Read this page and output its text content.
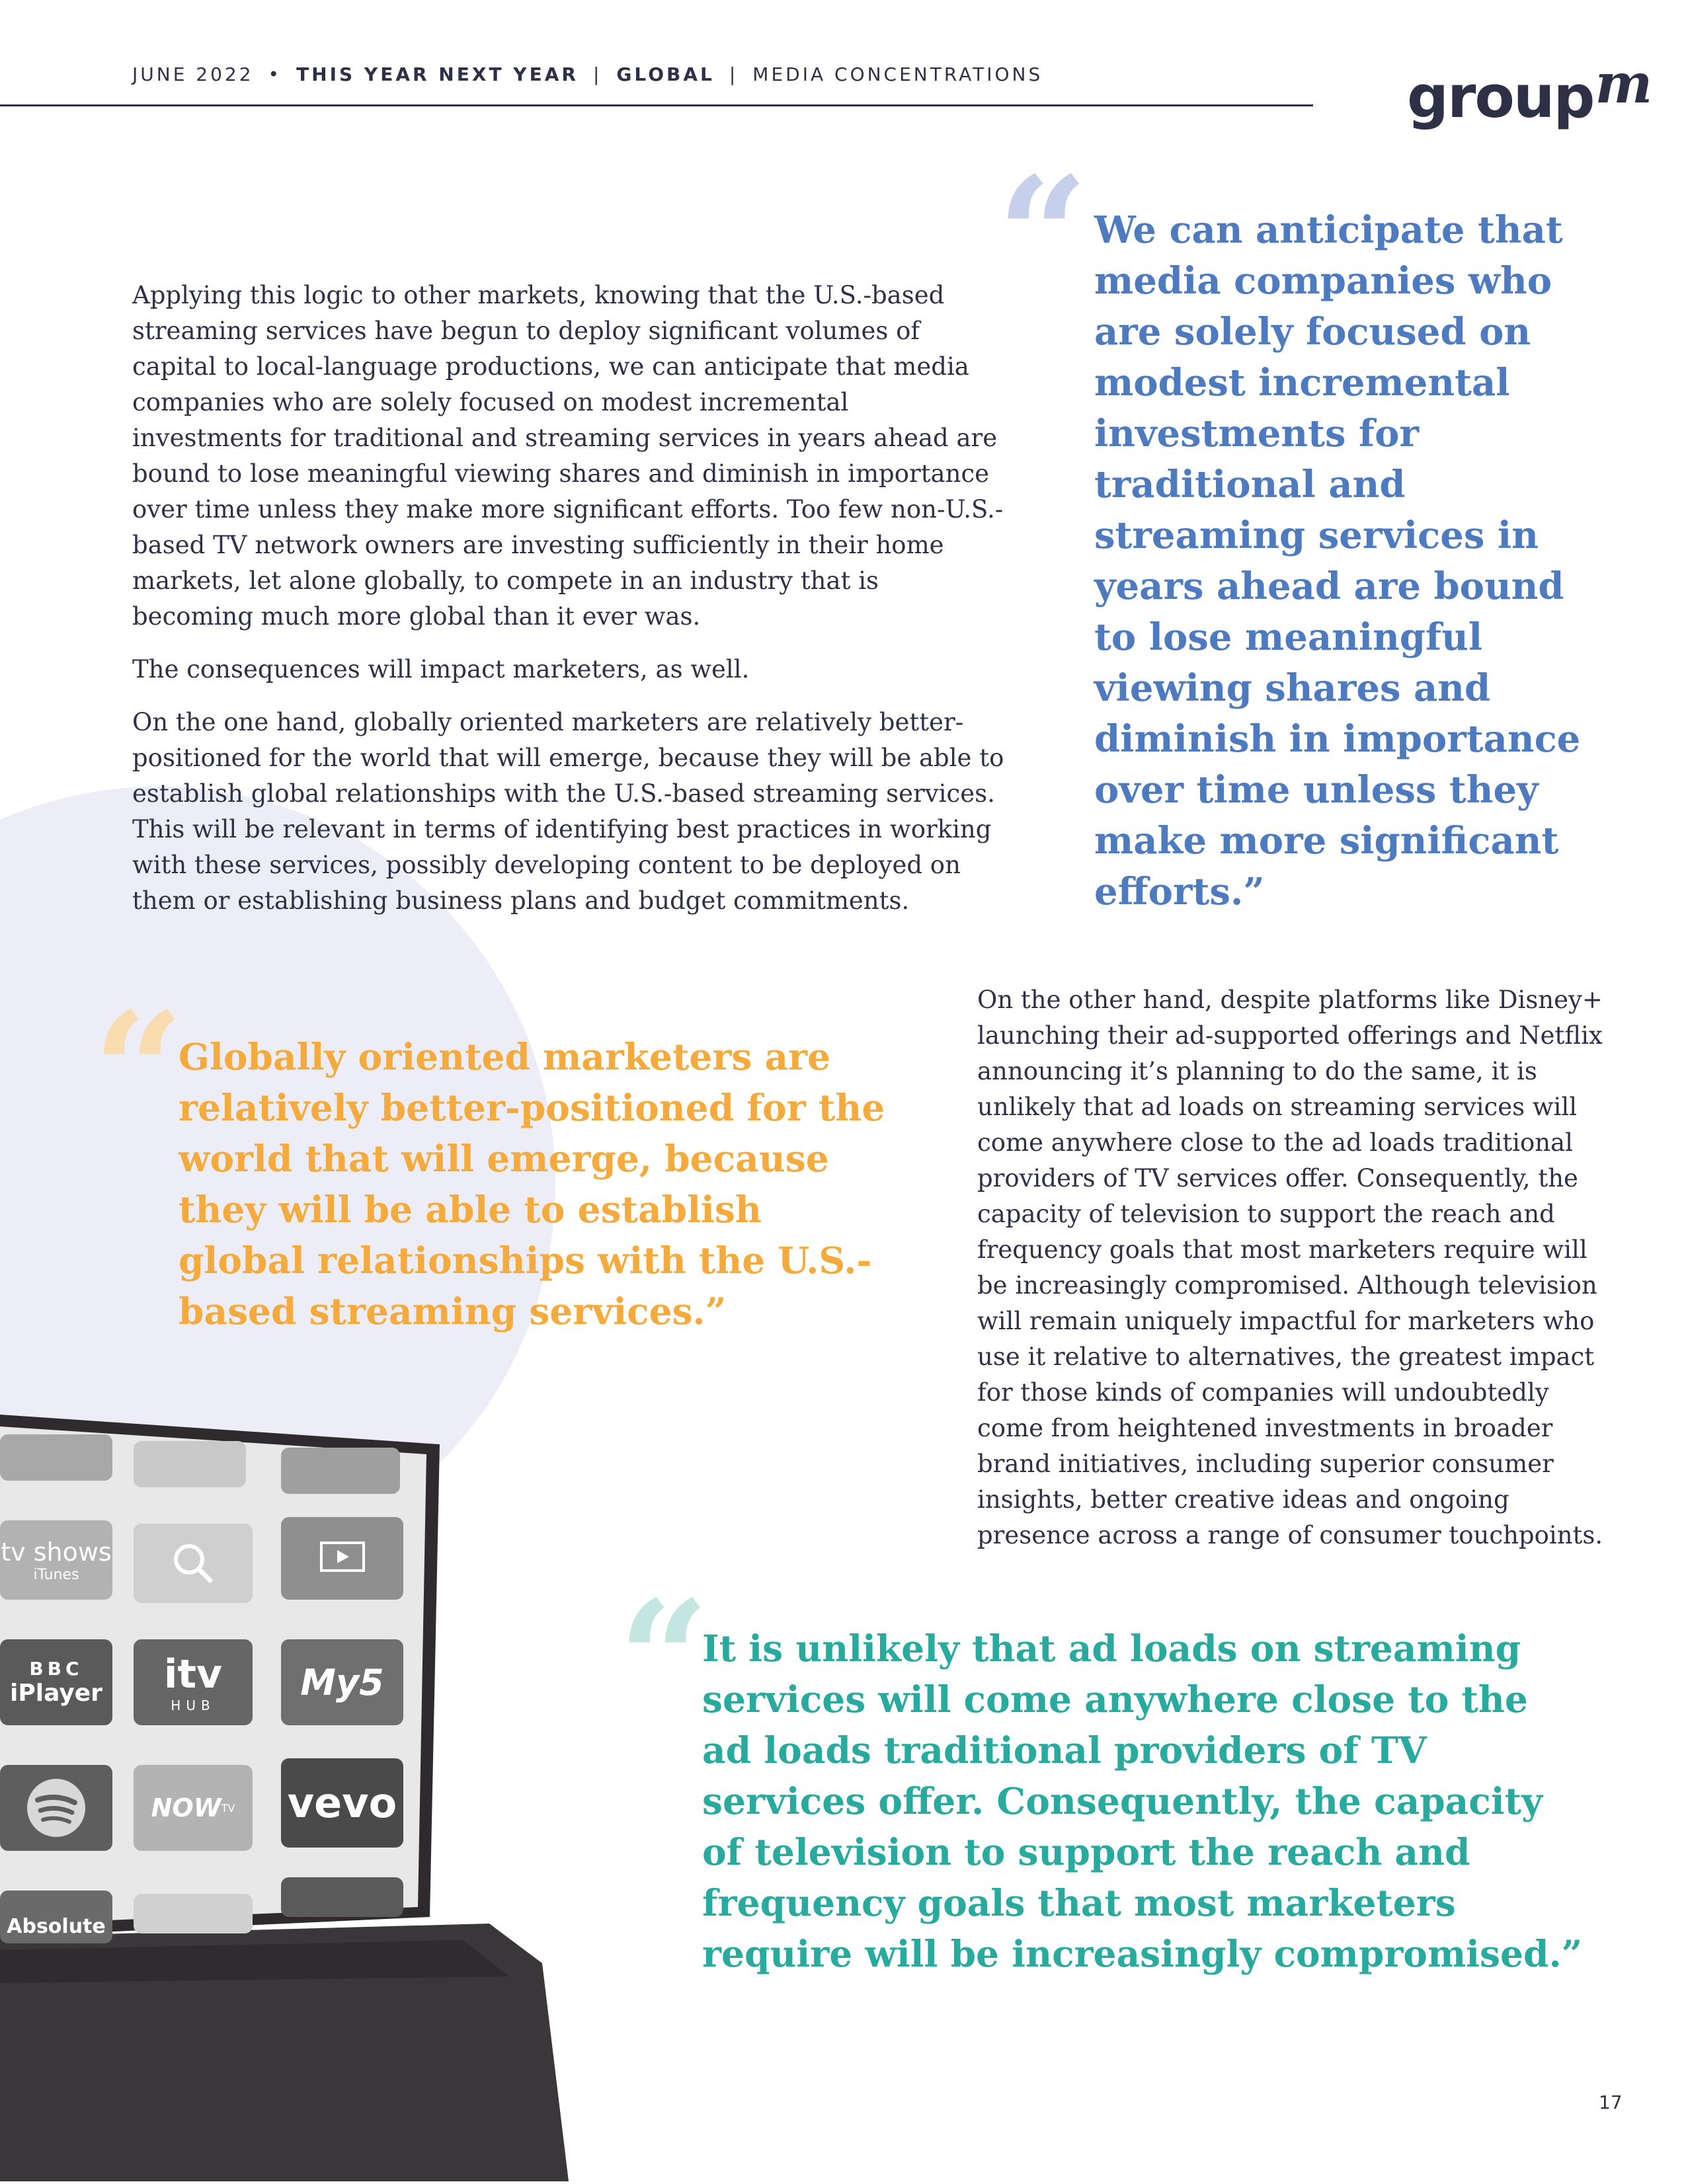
JUNE 2022 • THIS YEAR NEXT YEAR | GLOBAL | MEDIA CONCENTRATIONS	groupm

Applying this logic to other markets, knowing that the U.S.-based streaming services have begun to deploy significant volumes of capital to local-language productions, we can anticipate that media companies who are solely focused on modest incremental investments for traditional and streaming services in years ahead are bound to lose meaningful viewing shares and diminish in importance over time unless they make more significant efforts. Too few non-U.S.-based TV network owners are investing sufficiently in their home markets, let alone globally, to compete in an industry that is becoming much more global than it ever was.

The consequences will impact marketers, as well.

On the one hand, globally oriented marketers are relatively better-positioned for the world that will emerge, because they will be able to establish global relationships with the U.S.-based streaming services. This will be relevant in terms of identifying best practices in working with these services, possibly developing content to be deployed on them or establishing business plans and budget commitments.

“ We can anticipate that media companies who are solely focused on modest incremental investments for traditional and streaming services in years ahead are bound to lose meaningful viewing shares and diminish in importance over time unless they make more significant efforts.”

On the other hand, despite platforms like Disney+ launching their ad-supported offerings and Netflix announcing it’s planning to do the same, it is unlikely that ad loads on streaming services will come anywhere close to the ad loads traditional providers of TV services offer. Consequently, the capacity of television to support the reach and frequency goals that most marketers require will be increasingly compromised. Although television will remain uniquely impactful for marketers who use it relative to alternatives, the greatest impact for those kinds of companies will undoubtedly come from heightened investments in broader brand initiatives, including superior consumer insights, better creative ideas and ongoing presence across a range of consumer touchpoints.

“
Globally oriented marketers are relatively better-positioned for the world that will emerge, because they will be able to establish global relationships with the U.S.-based streaming services.”
“
It is unlikely that ad loads on streaming services will come anywhere close to the ad loads traditional providers of TV services offer. Consequently, the capacity of television to support the reach and frequency goals that most marketers require will be increasingly compromised.”
tv shows
iTunes
BBC
iPlayer itv
HUB
My5
NOW TV vevo
Absolute
17
